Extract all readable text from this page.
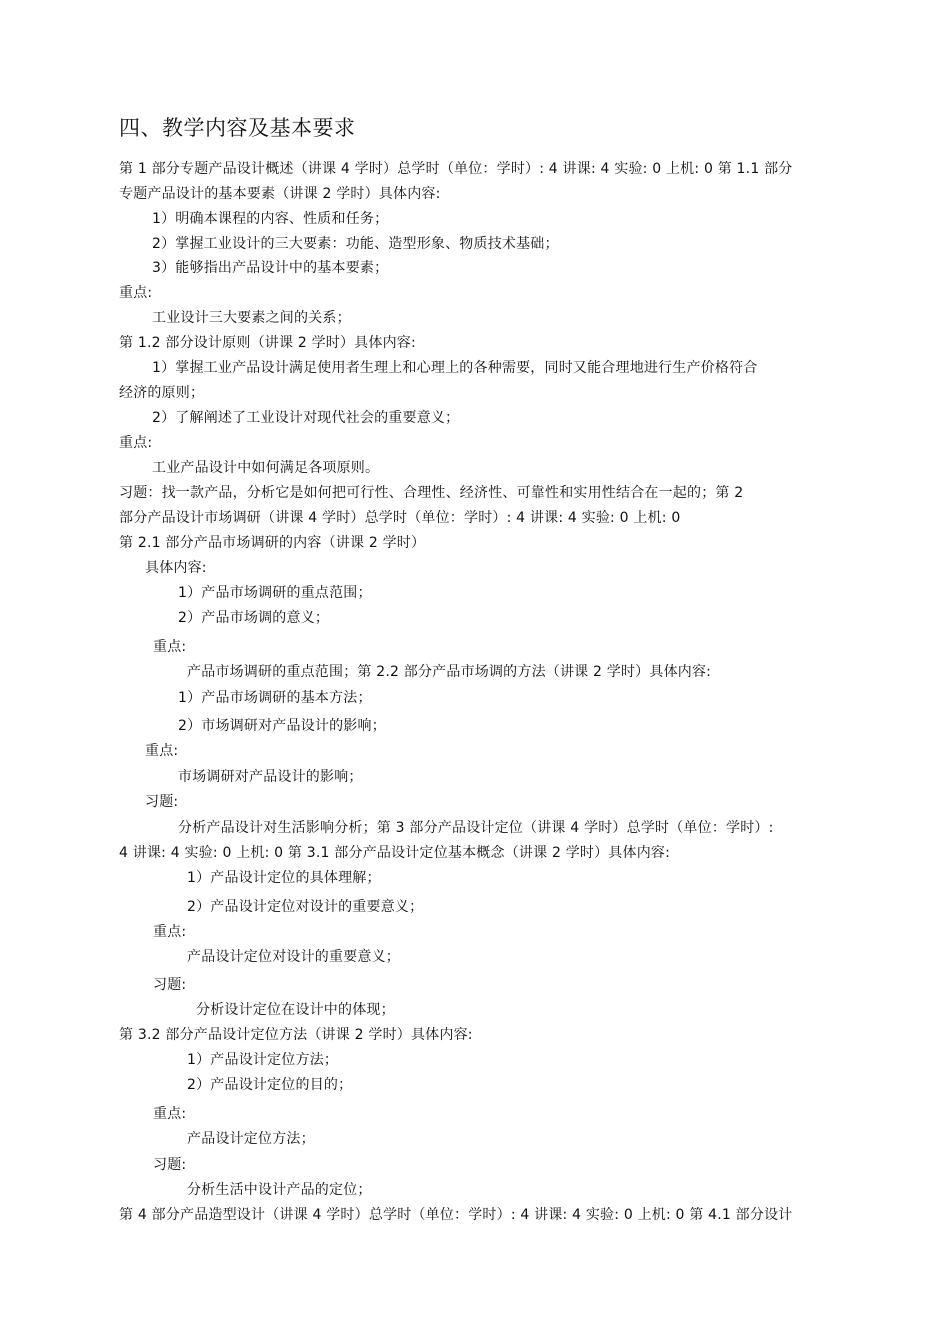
四、教学内容及基本要求
第 1 部分专题产品设计概述（讲课 4 学时）总学时（单位：学时）: 4 讲课: 4 实验: 0 上机: 0 第 1.1 部分
专题产品设计的基本要素（讲课 2 学时）具体内容:
1）明确本课程的内容、性质和任务；
2）掌握工业设计的三大要素：功能、造型形象、物质技术基础；
3）能够指出产品设计中的基本要素；
重点:
工业设计三大要素之间的关系；
第 1.2 部分设计原则（讲课 2 学时）具体内容:
1）掌握工业产品设计满足使用者生理上和心理上的各种需要，同时又能合理地进行生产价格符合
经济的原则；
2）了解阐述了工业设计对现代社会的重要意义；
重点:
工业产品设计中如何满足各项原则。
习题：找一款产品，分析它是如何把可行性、合理性、经济性、可靠性和实用性结合在一起的；第 2
部分产品设计市场调研（讲课 4 学时）总学时（单位：学时）: 4 讲课: 4 实验: 0 上机: 0
第 2.1 部分产品市场调研的内容（讲课 2 学时）
具体内容:
1）产品市场调研的重点范围；
2）产品市场调的意义；
重点:
产品市场调研的重点范围；第 2.2 部分产品市场调的方法（讲课 2 学时）具体内容:
1）产品市场调研的基本方法；
2）市场调研对产品设计的影响；
重点:
市场调研对产品设计的影响；
习题:
分析产品设计对生活影响分析；第 3 部分产品设计定位（讲课 4 学时）总学时（单位：学时）:
4 讲课: 4 实验: 0 上机: 0 第 3.1 部分产品设计定位基本概念（讲课 2 学时）具体内容:
1）产品设计定位的具体理解；
2）产品设计定位对设计的重要意义；
重点:
产品设计定位对设计的重要意义；
习题:
分析设计定位在设计中的体现；
第 3.2 部分产品设计定位方法（讲课 2 学时）具体内容:
1）产品设计定位方法；
2）产品设计定位的目的；
重点:
产品设计定位方法；
习题:
分析生活中设计产品的定位；
第 4 部分产品造型设计（讲课 4 学时）总学时（单位：学时）: 4 讲课: 4 实验: 0 上机: 0 第 4.1 部分设计
